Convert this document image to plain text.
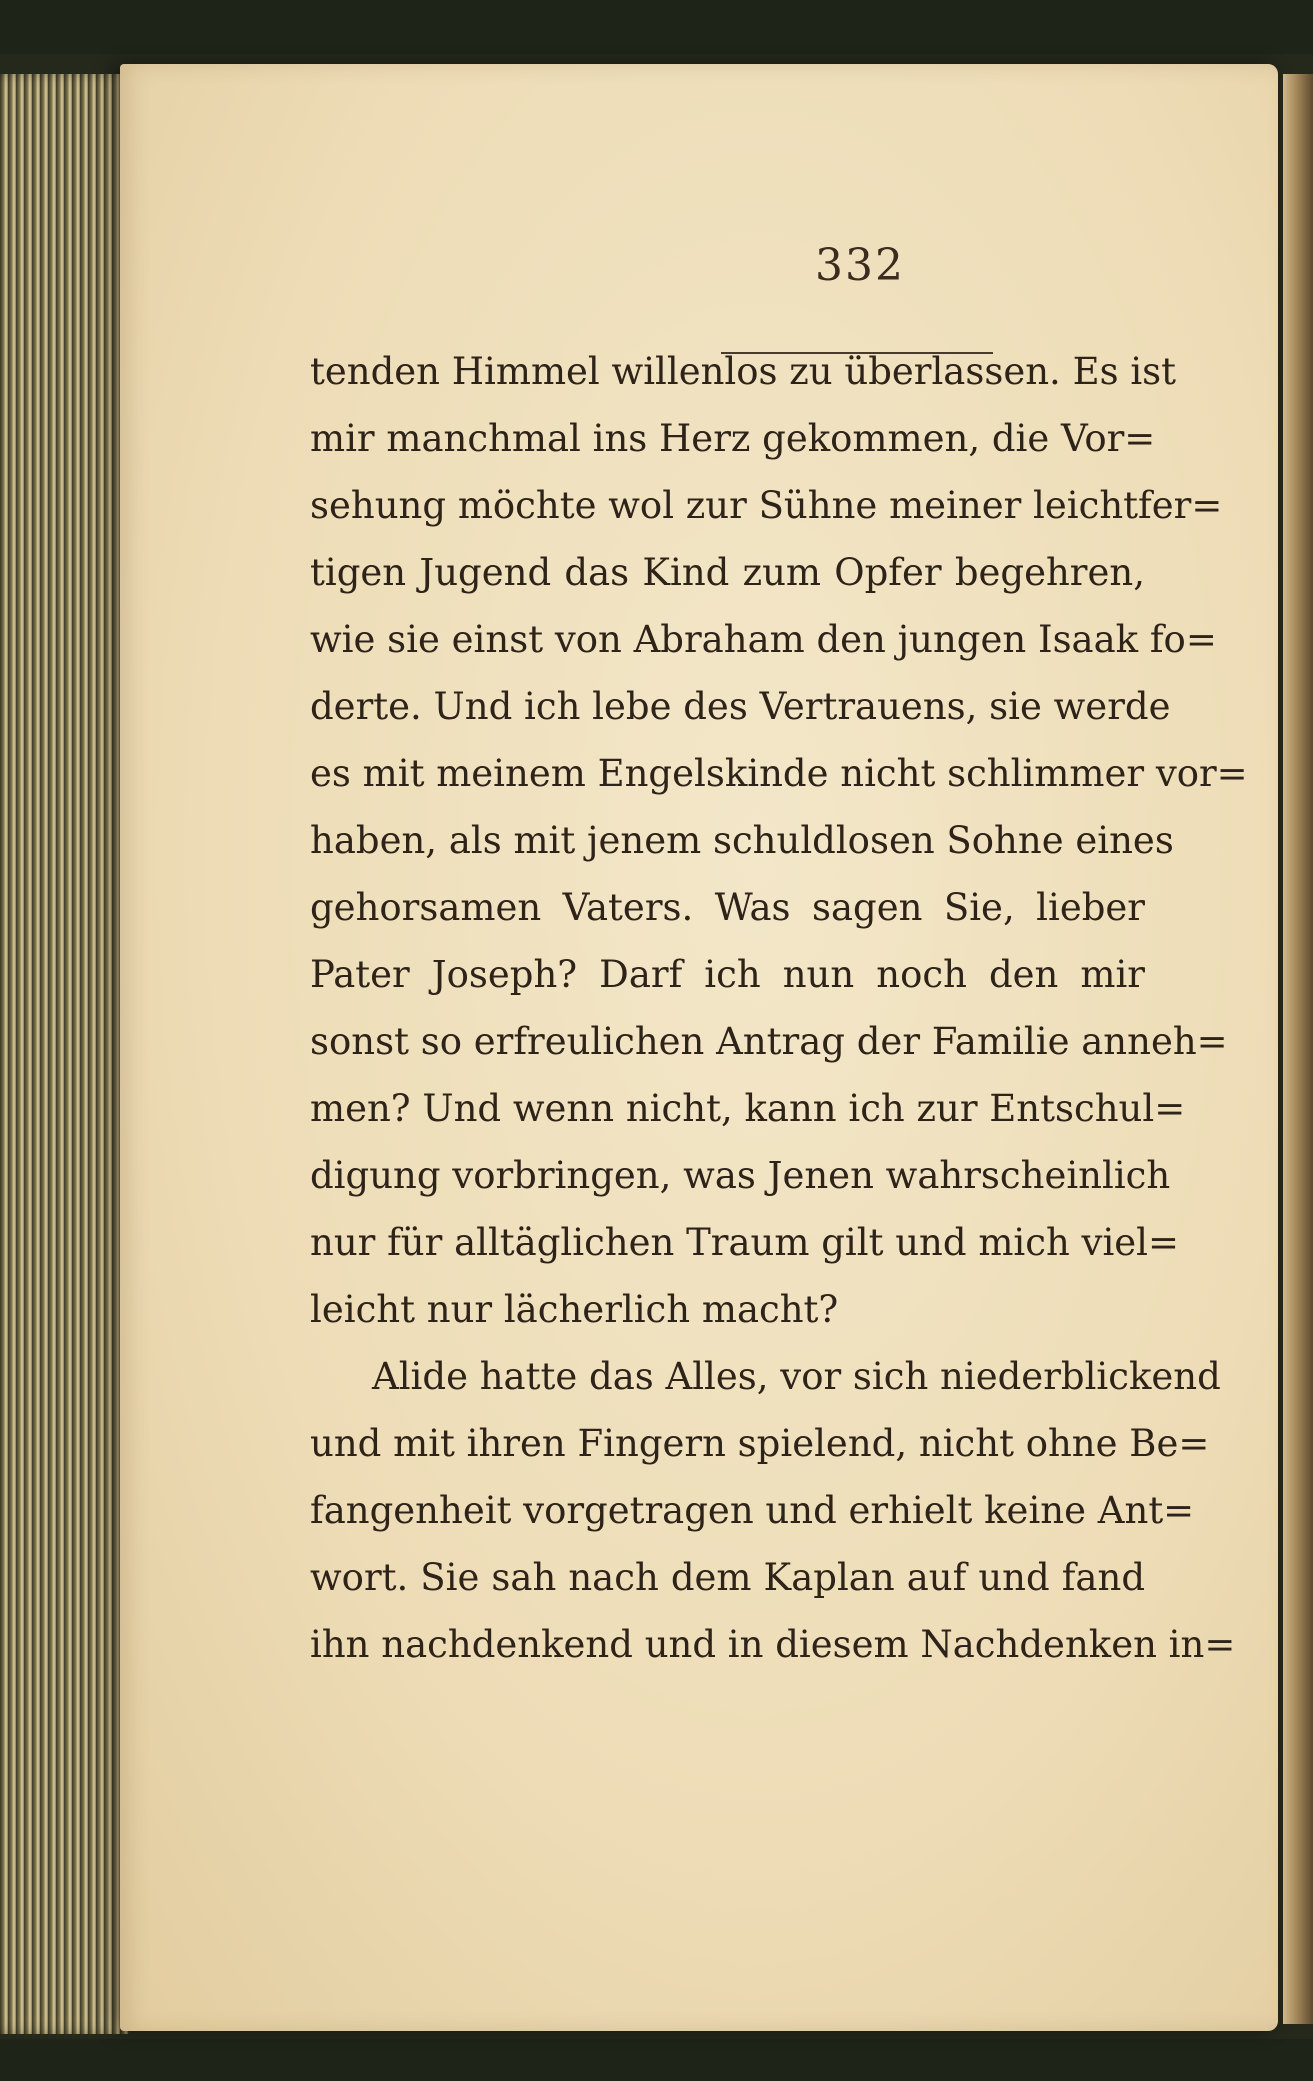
332
tenden Himmel willenlos zu überlassen. Es ist
mir manchmal ins Herz gekommen, die Vor=
sehung möchte wol zur Sühne meiner leichtfer=
tigen Jugend das Kind zum Opfer begehren,
wie sie einst von Abraham den jungen Isaak fo=
derte. Und ich lebe des Vertrauens, sie werde
es mit meinem Engelskinde nicht schlimmer vor=
haben, als mit jenem schuldlosen Sohne eines
gehorsamen Vaters. Was sagen Sie, lieber
Pater Joseph? Darf ich nun noch den mir
sonst so erfreulichen Antrag der Familie anneh=
men? Und wenn nicht, kann ich zur Entschul=
digung vorbringen, was Jenen wahrscheinlich
nur für alltäglichen Traum gilt und mich viel=
leicht nur lächerlich macht?
Alide hatte das Alles, vor sich niederblickend
und mit ihren Fingern spielend, nicht ohne Be=
fangenheit vorgetragen und erhielt keine Ant=
wort. Sie sah nach dem Kaplan auf und fand
ihn nachdenkend und in diesem Nachdenken in=
